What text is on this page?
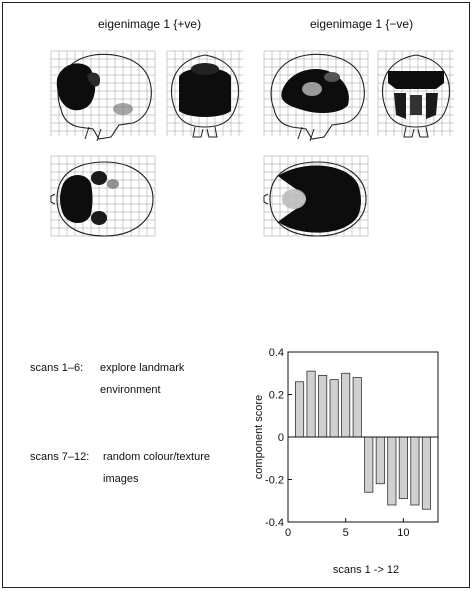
eigenimage 1 {+ve)	eigenimage 1 {−ve)
scans 1–6: explore landmark
environment
scans 7–12: random colour/texture
images
0.4
0.2
0
-0.2
-0.4
0	5	10
component score
scans 1 -> 12
